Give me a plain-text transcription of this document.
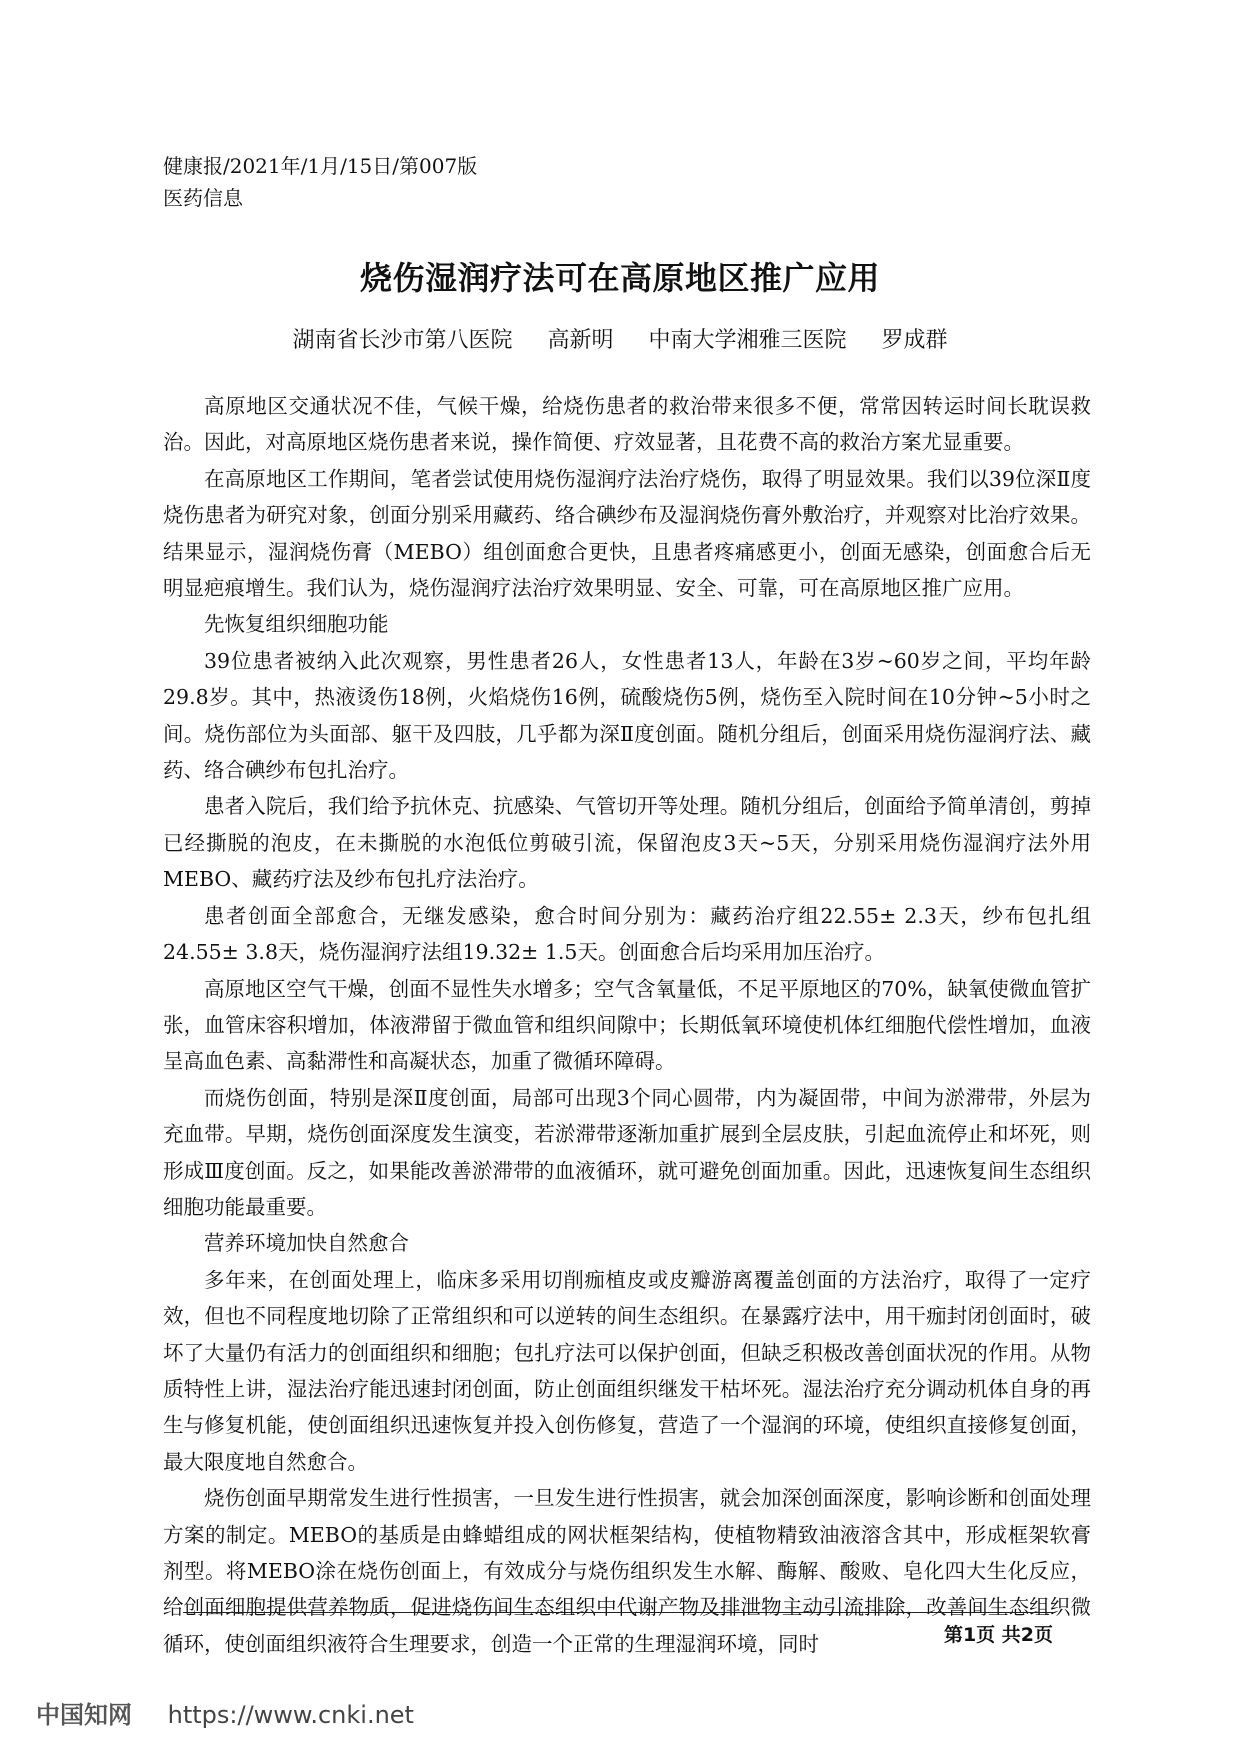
健康报/2021年/1月/15日/第007版
医药信息
烧伤湿润疗法可在高原地区推广应用
湖南省长沙市第八医院 高新明 中南大学湘雅三医院 罗成群

高原地区交通状况不佳，气候干燥，给烧伤患者的救治带来很多不便，常常因转运时间长耽误救治。因此，对高原地区烧伤患者来说，操作简便、疗效显著，且花费不高的救治方案尤显重要。

在高原地区工作期间，笔者尝试使用烧伤湿润疗法治疗烧伤，取得了明显效果。我们以39位深Ⅱ度烧伤患者为研究对象，创面分别采用藏药、络合碘纱布及湿润烧伤膏外敷治疗，并观察对比治疗效果。结果显示，湿润烧伤膏（MEBO）组创面愈合更快，且患者疼痛感更小，创面无感染，创面愈合后无明显疤痕增生。我们认为，烧伤湿润疗法治疗效果明显、安全、可靠，可在高原地区推广应用。

先恢复组织细胞功能

39位患者被纳入此次观察，男性患者26人，女性患者13人，年龄在3岁~60岁之间，平均年龄29.8岁。其中，热液烫伤18例，火焰烧伤16例，硫酸烧伤5例，烧伤至入院时间在10分钟~5小时之间。烧伤部位为头面部、躯干及四肢，几乎都为深Ⅱ度创面。随机分组后，创面采用烧伤湿润疗法、藏药、络合碘纱布包扎治疗。

患者入院后，我们给予抗休克、抗感染、气管切开等处理。随机分组后，创面给予简单清创，剪掉已经撕脱的泡皮，在未撕脱的水泡低位剪破引流，保留泡皮3天~5天，分别采用烧伤湿润疗法外用MEBO、藏药疗法及纱布包扎疗法治疗。

患者创面全部愈合，无继发感染，愈合时间分别为：藏药治疗组22.55± 2.3天，纱布包扎组24.55± 3.8天，烧伤湿润疗法组19.32± 1.5天。创面愈合后均采用加压治疗。

高原地区空气干燥，创面不显性失水增多；空气含氧量低，不足平原地区的70%，缺氧使微血管扩张，血管床容积增加，体液滞留于微血管和组织间隙中；长期低氧环境使机体红细胞代偿性增加，血液呈高血色素、高黏滞性和高凝状态，加重了微循环障碍。

而烧伤创面，特别是深Ⅱ度创面，局部可出现3个同心圆带，内为凝固带，中间为淤滞带，外层为充血带。早期，烧伤创面深度发生演变，若淤滞带逐渐加重扩展到全层皮肤，引起血流停止和坏死，则形成Ⅲ度创面。反之，如果能改善淤滞带的血液循环，就可避免创面加重。因此，迅速恢复间生态组织细胞功能最重要。

营养环境加快自然愈合

多年来，在创面处理上，临床多采用切削痂植皮或皮瓣游离覆盖创面的方法治疗，取得了一定疗效，但也不同程度地切除了正常组织和可以逆转的间生态组织。在暴露疗法中，用干痂封闭创面时，破坏了大量仍有活力的创面组织和细胞；包扎疗法可以保护创面，但缺乏积极改善创面状况的作用。从物质特性上讲，湿法治疗能迅速封闭创面，防止创面组织继发干枯坏死。湿法治疗充分调动机体自身的再生与修复机能，使创面组织迅速恢复并投入创伤修复，营造了一个湿润的环境，使组织直接修复创面，最大限度地自然愈合。

烧伤创面早期常发生进行性损害，一旦发生进行性损害，就会加深创面深度，影响诊断和创面处理方案的制定。MEBO的基质是由蜂蜡组成的网状框架结构，使植物精致油液溶含其中，形成框架软膏剂型。将MEBO涂在烧伤创面上，有效成分与烧伤组织发生水解、酶解、酸败、皂化四大生化反应，给创面细胞提供营养物质，促进烧伤间生态组织中代谢产物及排泄物主动引流排除，改善间生态组织微循环，使创面组织液符合生理要求，创造一个正常的生理湿润环境，同时	第1页 共2页
中国知网 https://www.cnki.net
